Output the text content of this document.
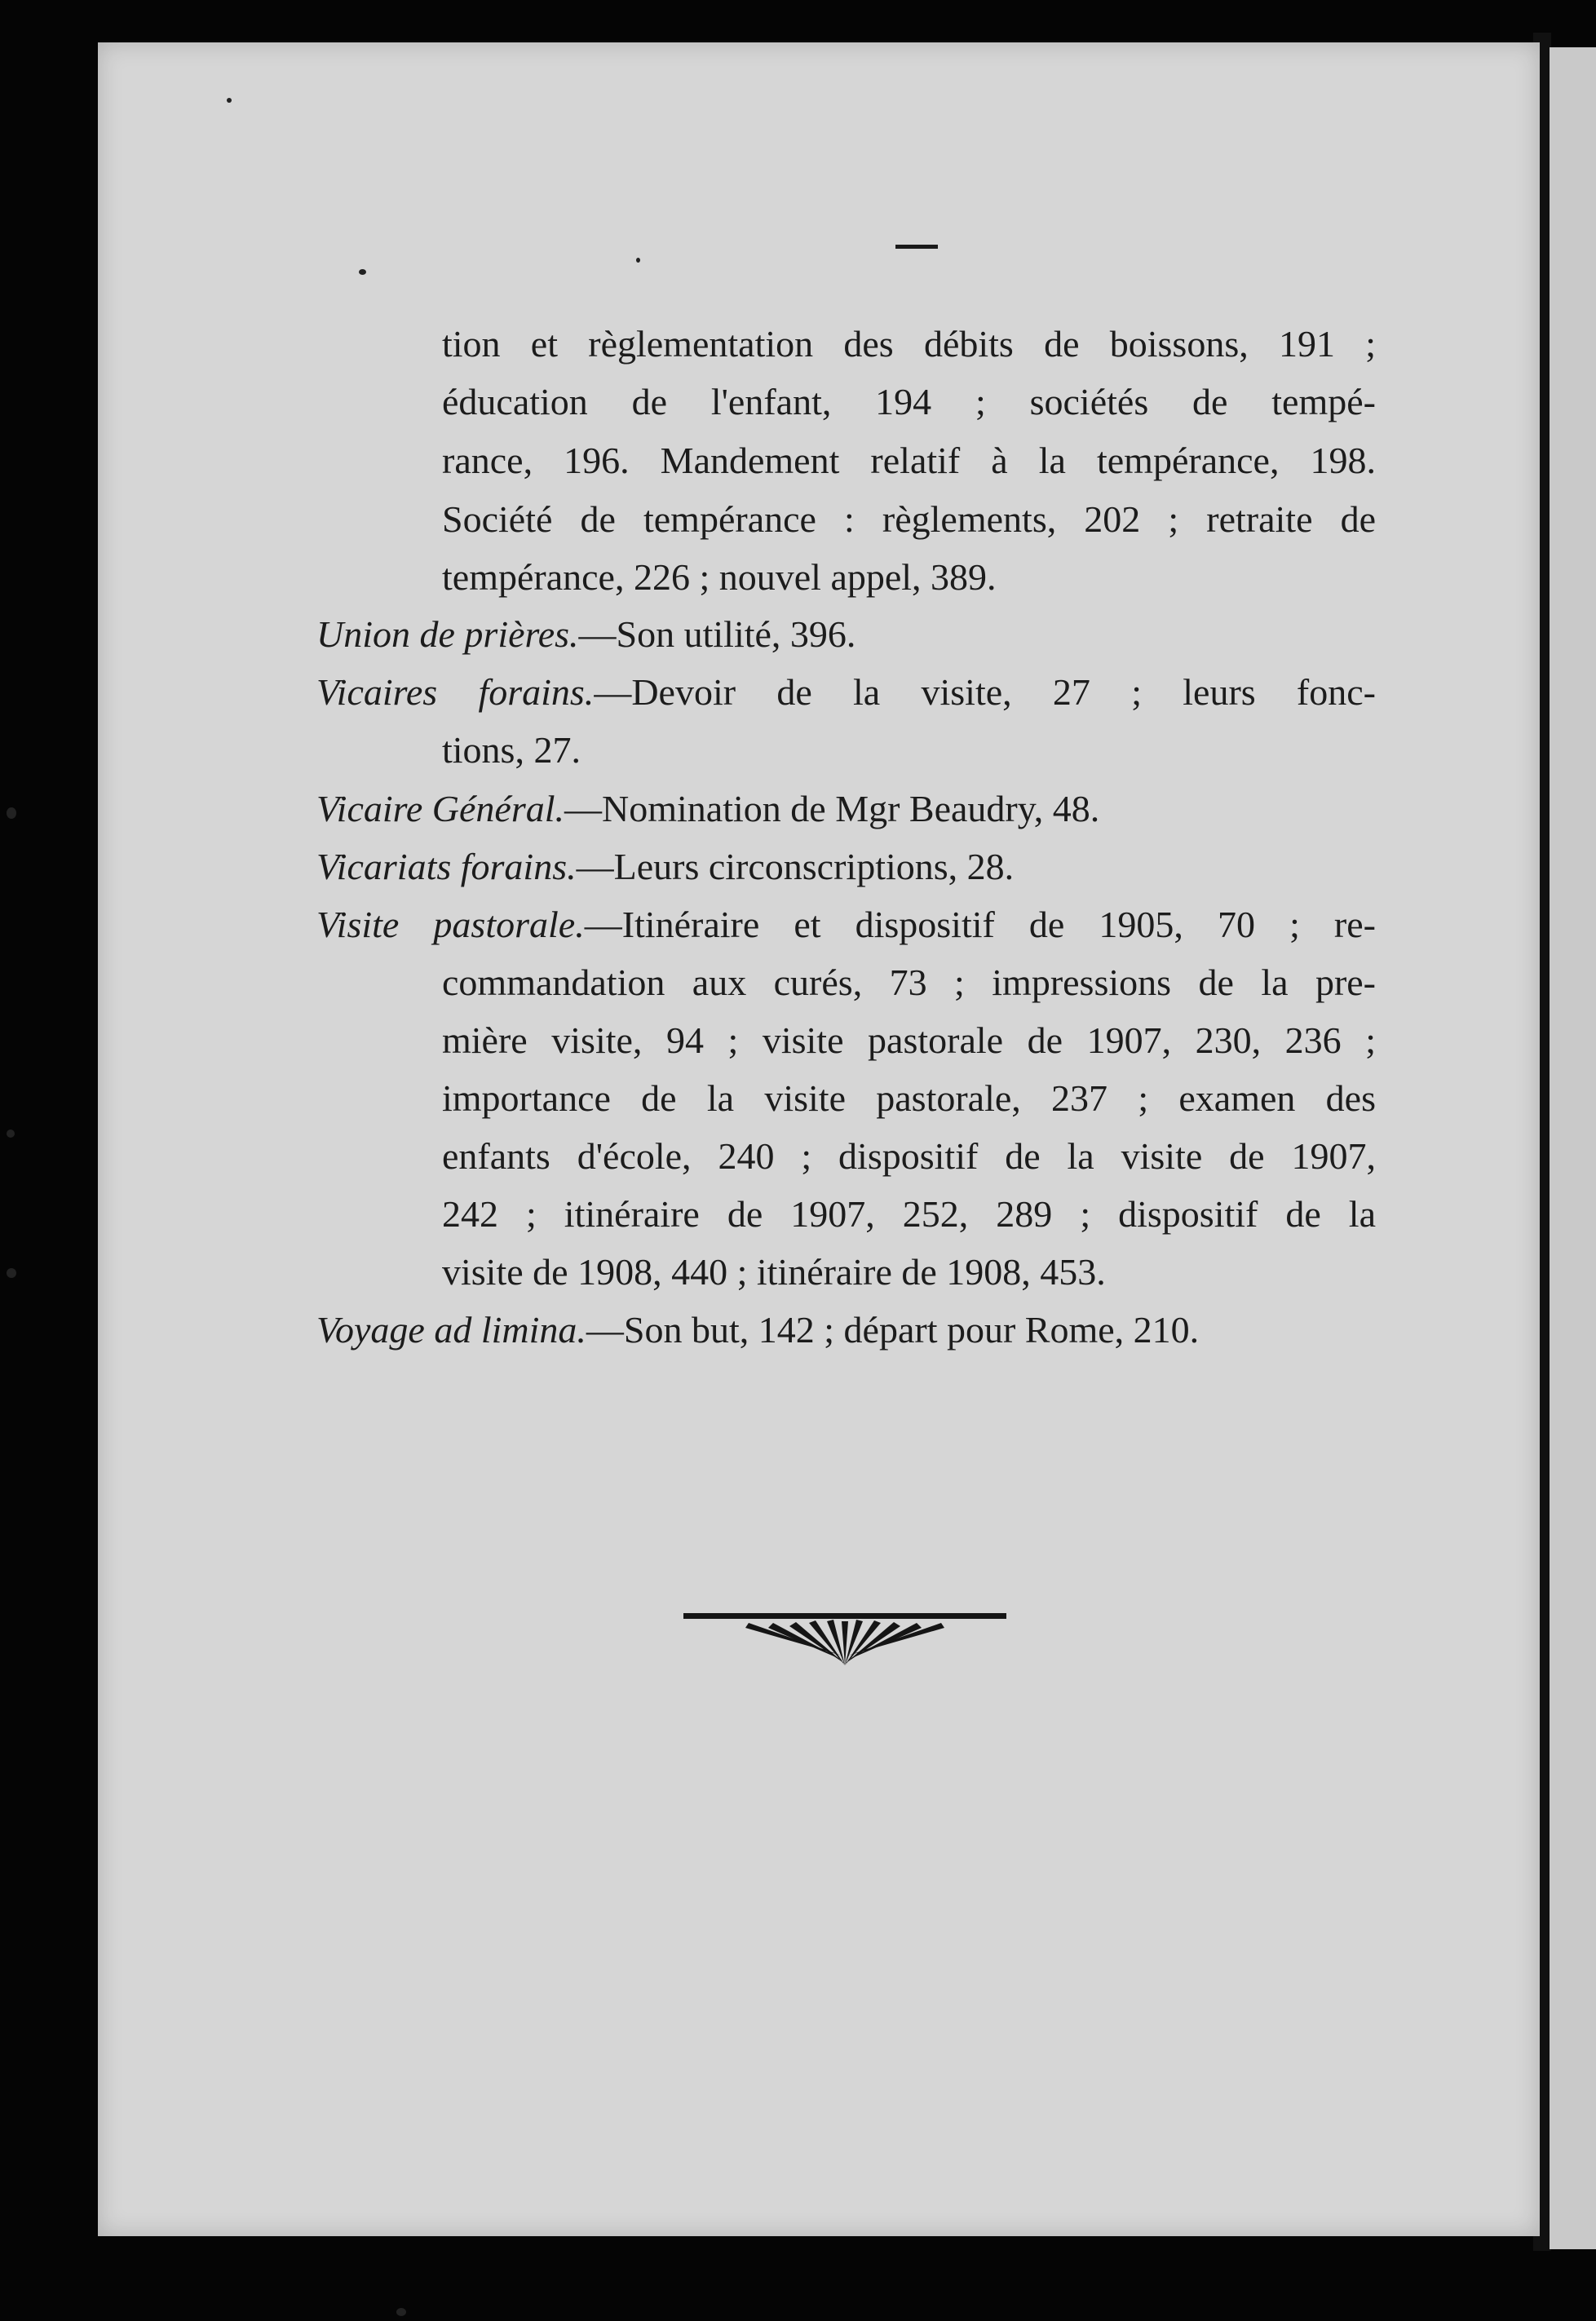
tion et règlementation des débits de boissons, 191 ;
éducation de l'enfant, 194 ; sociétés de tempé-
rance, 196. Mandement relatif à la tempérance, 198.
Société de tempérance : règlements, 202 ; retraite de
tempérance, 226 ; nouvel appel, 389.
Union de prières.—Son utilité, 396.
Vicaires forains.—Devoir de la visite, 27 ; leurs fonc-
tions, 27.
Vicaire Général.—Nomination de Mgr Beaudry, 48.
Vicariats forains.—Leurs circonscriptions, 28.
Visite pastorale.—Itinéraire et dispositif de 1905, 70 ; re-
commandation aux curés, 73 ; impressions de la pre-
mière visite, 94 ; visite pastorale de 1907, 230, 236 ;
importance de la visite pastorale, 237 ; examen des
enfants d'école, 240 ; dispositif de la visite de 1907,
242 ; itinéraire de 1907, 252, 289 ; dispositif de la
visite de 1908, 440 ; itinéraire de 1908, 453.
Voyage ad limina.—Son but, 142 ; départ pour Rome, 210.
